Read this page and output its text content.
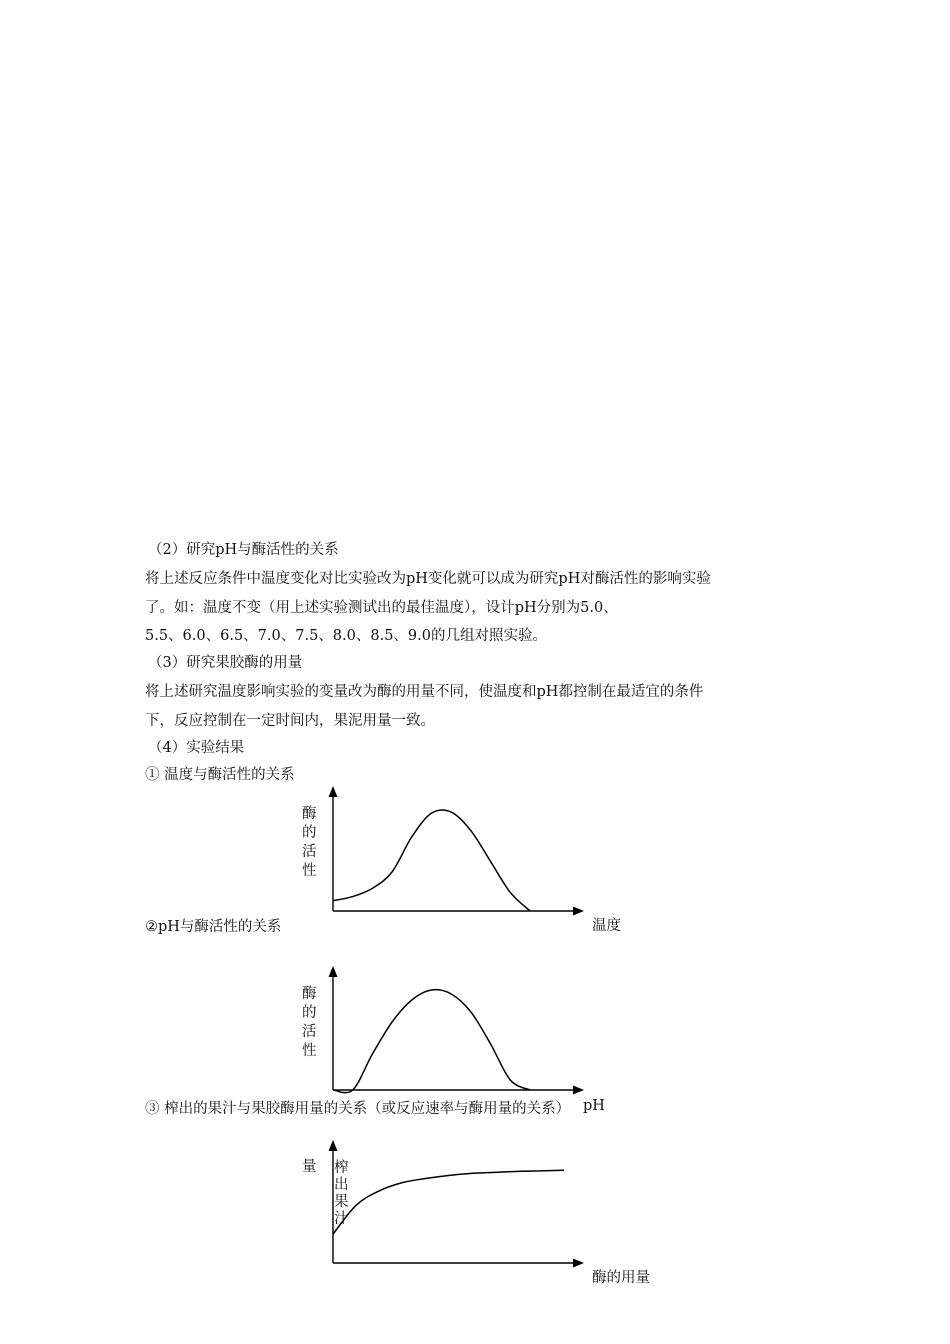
（2）研究pH与酶活性的关系
将上述反应条件中温度变化对比实验改为pH变化就可以成为研究pH对酶活性的影响实验
了。如：温度不变（用上述实验测试出的最佳温度），设计pH分别为5.0、
5.5、6.0、6.5、7.0、7.5、8.0、8.5、9.0的几组对照实验。
（3）研究果胶酶的用量
将上述研究温度影响实验的变量改为酶的用量不同，使温度和pH都控制在最适宜的条件
下，反应控制在一定时间内，果泥用量一致。
（4）实验结果
① 温度与酶活性的关系
②pH与酶活性的关系
③ 榨出的果汁与果胶酶用量的关系（或反应速率与酶用量的关系）
温度
酶
的
活
性
pH
酶
的
活
性
酶的用量
量 榨
出
果
汁
